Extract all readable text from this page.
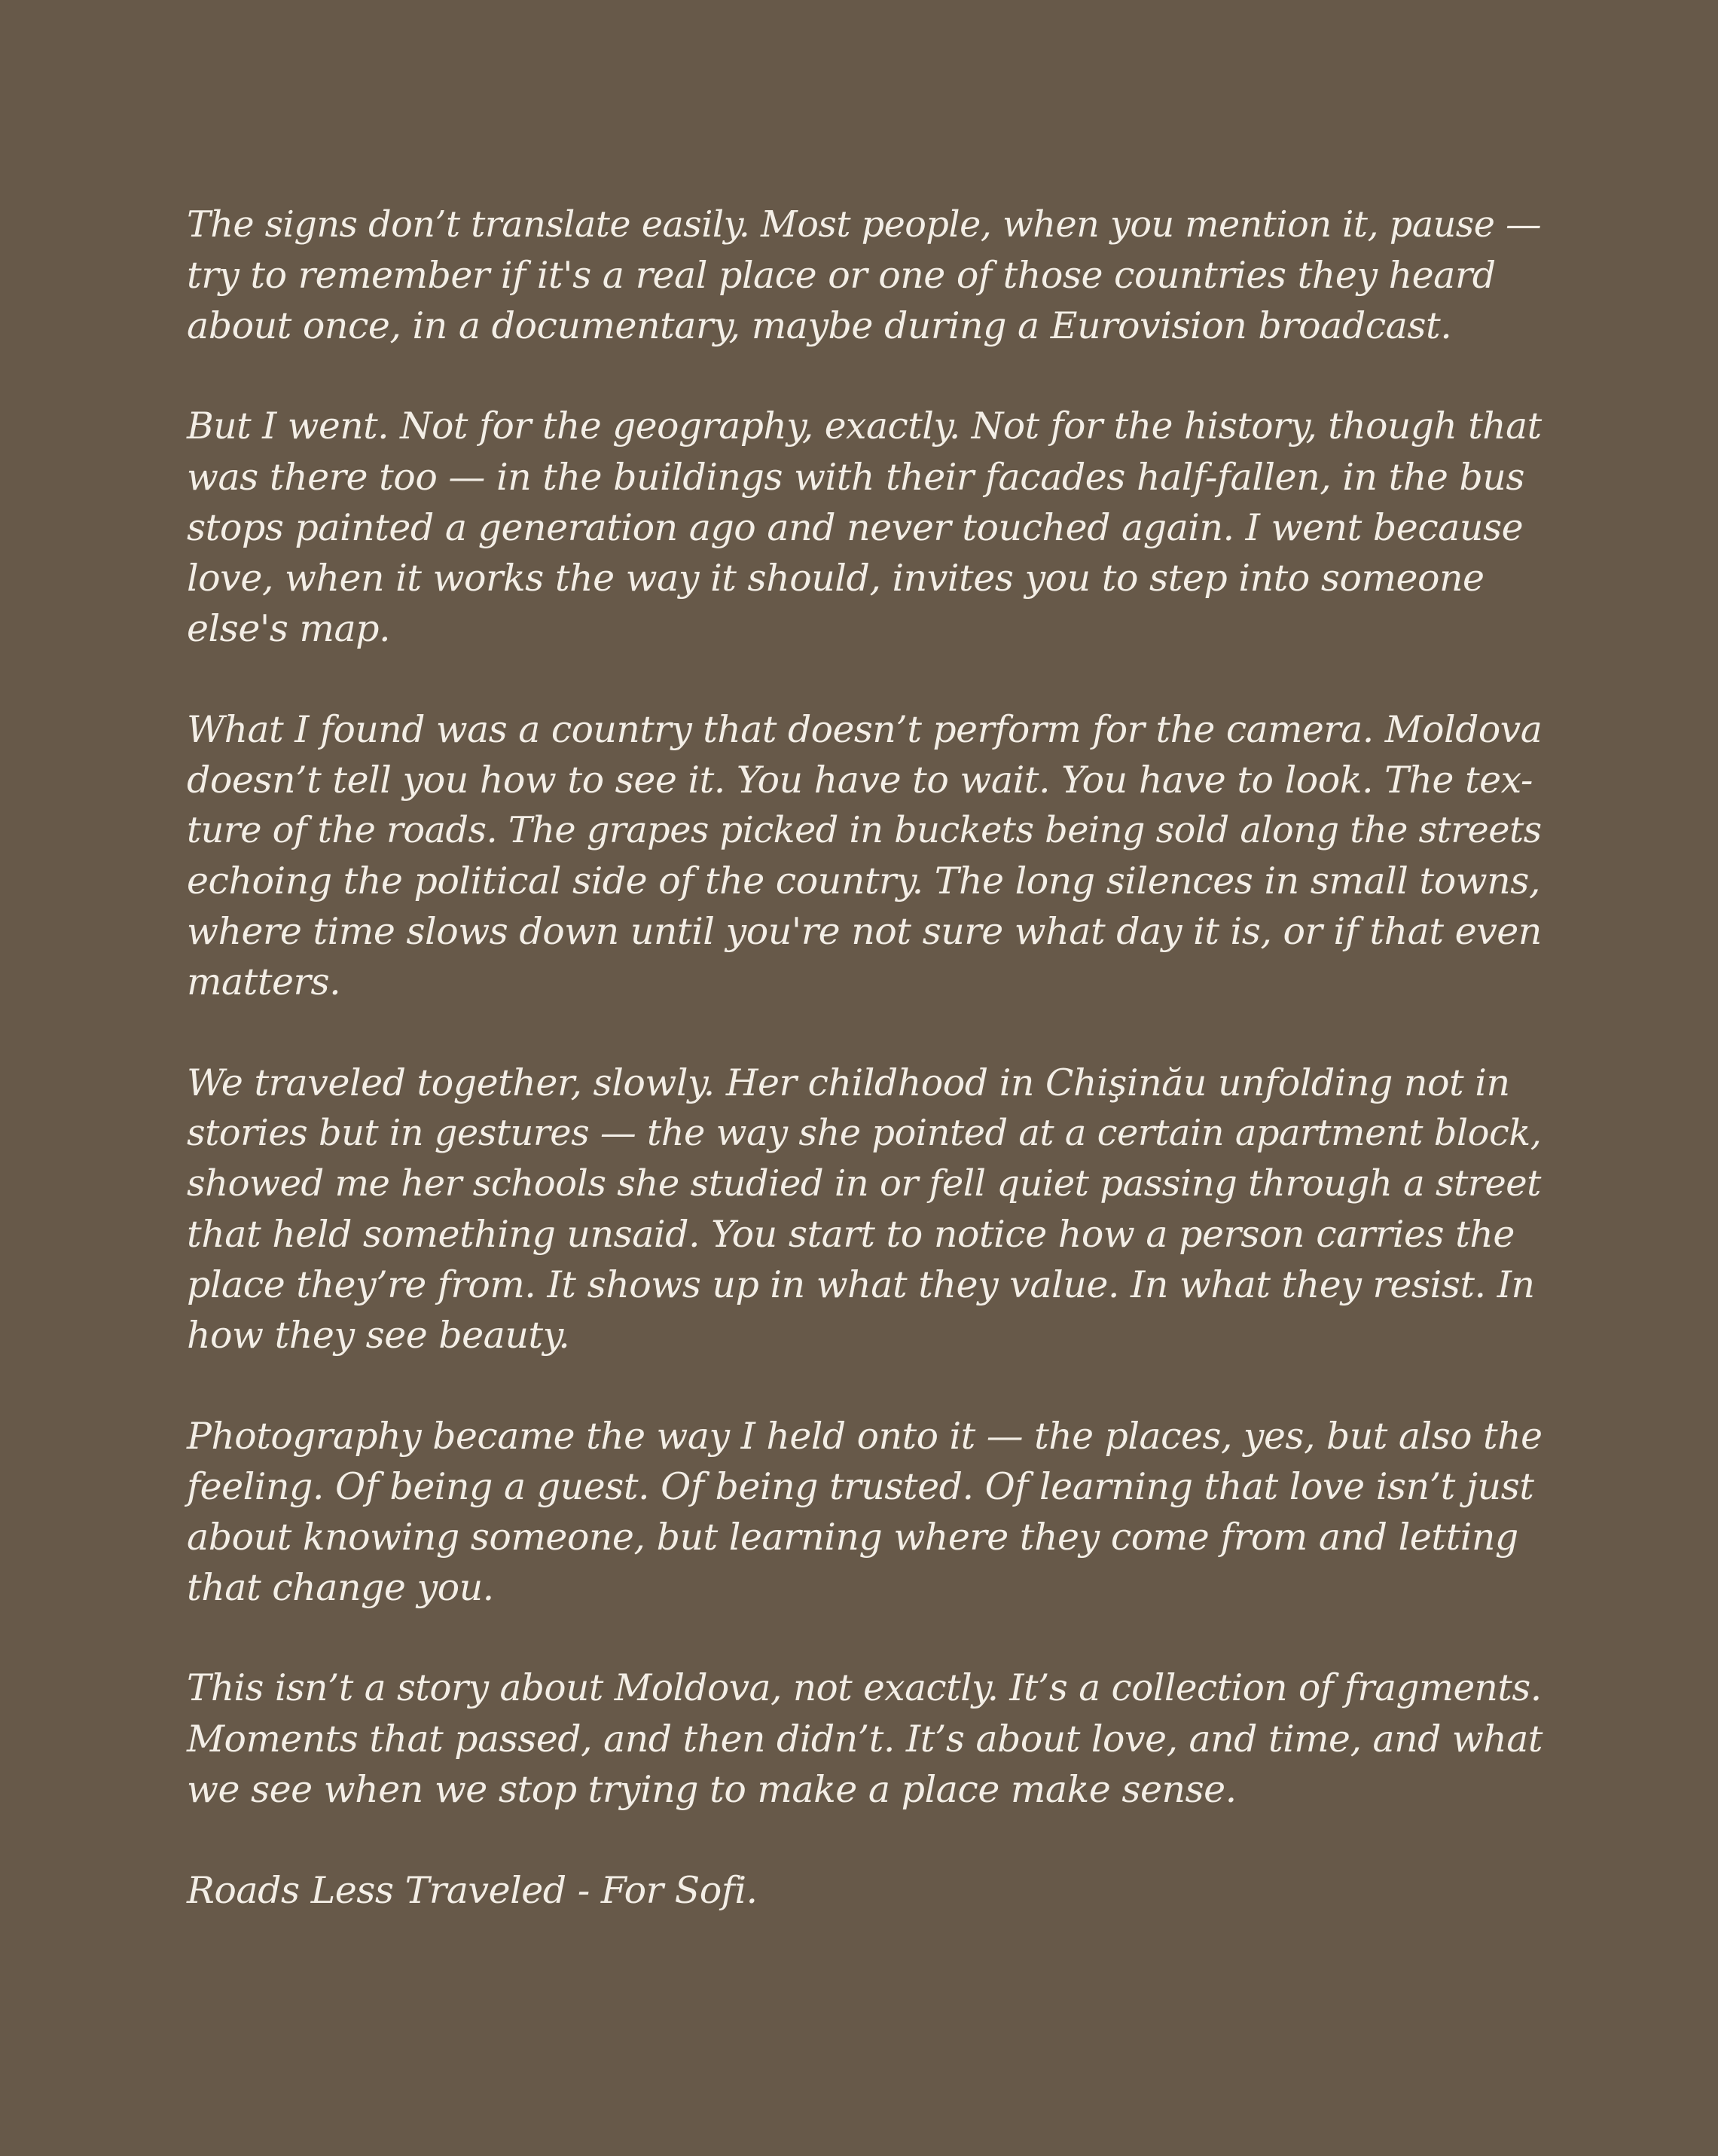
The signs don’t translate easily. Most people, when you mention it, pause —
try to remember if it's a real place or one of those countries they heard
about once, in a documentary, maybe during a Eurovision broadcast.

But I went. Not for the geography, exactly. Not for the history, though that
was there too — in the buildings with their facades half-fallen, in the bus
stops painted a generation ago and never touched again. I went because
love, when it works the way it should, invites you to step into someone
else's map.

What I found was a country that doesn’t perform for the camera. Moldova
doesn’t tell you how to see it. You have to wait. You have to look. The tex-
ture of the roads. The grapes picked in buckets being sold along the streets
echoing the political side of the country. The long silences in small towns,
where time slows down until you're not sure what day it is, or if that even
matters.

We traveled together, slowly. Her childhood in Chişinău unfolding not in
stories but in gestures — the way she pointed at a certain apartment block,
showed me her schools she studied in or fell quiet passing through a street
that held something unsaid. You start to notice how a person carries the
place they’re from. It shows up in what they value. In what they resist. In
how they see beauty.

Photography became the way I held onto it — the places, yes, but also the
feeling. Of being a guest. Of being trusted. Of learning that love isn’t just
about knowing someone, but learning where they come from and letting
that change you.

This isn’t a story about Moldova, not exactly. It’s a collection of fragments.
Moments that passed, and then didn’t. It’s about love, and time, and what
we see when we stop trying to make a place make sense.

Roads Less Traveled - For Sofi.
